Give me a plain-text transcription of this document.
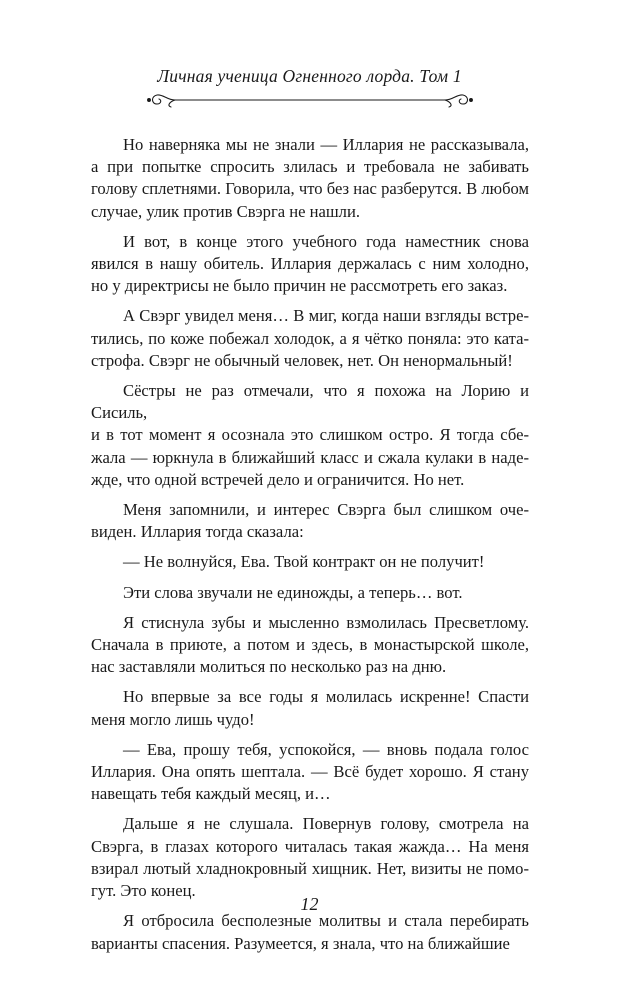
Личная ученица Огненного лорда. Том 1

Но наверняка мы не знали — Иллария не рассказывала,
а при попытке спросить злилась и требовала не забивать
голову сплетнями. Говорила, что без нас разберутся. В любом
случае, улик против Свэрга не нашли.

И вот, в конце этого учебного года наместник снова
явился в нашу обитель. Иллария держалась с ним холодно,
но у директрисы не было причин не рассмотреть его заказ.

А Свэрг увидел меня… В миг, когда наши взгляды встре-
тились, по коже побежал холодок, а я чётко поняла: это ката-
строфа. Свэрг не обычный человек, нет. Он ненормальный!

Сёстры не раз отмечали, что я похожа на Лорию и Сисиль,
и в тот момент я осознала это слишком остро. Я тогда сбе-
жала — юркнула в ближайший класс и сжала кулаки в наде-
жде, что одной встречей дело и ограничится. Но нет.

Меня запомнили, и интерес Свэрга был слишком оче-
виден. Иллария тогда сказала:

— Не волнуйся, Ева. Твой контракт он не получит!

Эти слова звучали не единожды, а теперь… вот.

Я стиснула зубы и мысленно взмолилась Пресветлому.
Сначала в приюте, а потом и здесь, в монастырской школе,
нас заставляли молиться по несколько раз на дню.

Но впервые за все годы я молилась искренне! Спасти
меня могло лишь чудо!

— Ева, прошу тебя, успокойся, — вновь подала голос
Иллария. Она опять шептала. — Всё будет хорошо. Я стану
навещать тебя каждый месяц, и…

Дальше я не слушала. Повернув голову, смотрела на
Свэрга, в глазах которого читалась такая жажда… На меня
взирал лютый хладнокровный хищник. Нет, визиты не помо-
гут. Это конец.

Я отбросила бесполезные молитвы и стала перебирать
варианты спасения. Разумеется, я знала, что на ближайшие

12
